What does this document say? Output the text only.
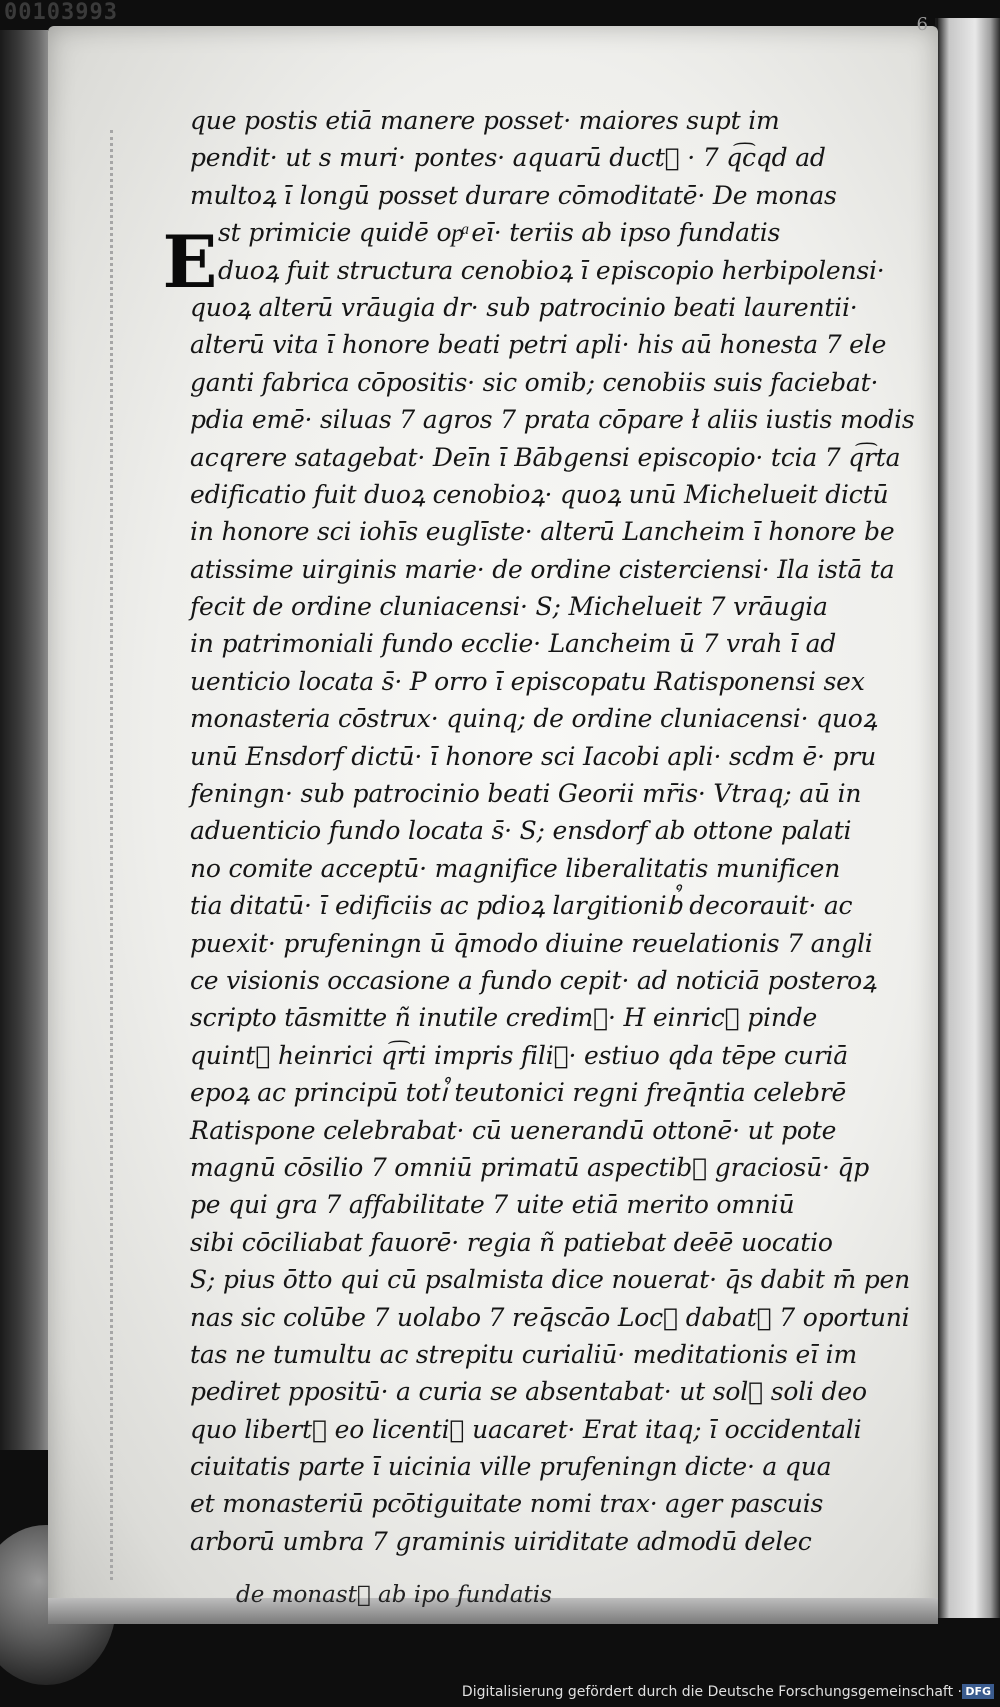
00103993	6
E
que postis etiā manere posset· maiores supt im
pendit· ut s muri· pontes· aquarū duct᷑ · 7 q͡cqd ad
multoꝝ ī longū posset durare cōmoditatē· De monas
st primicie quidē opͣ eī· teriis ab ipso fundatis
duoꝝ fuit structura cenobioꝝ ī episcopio herbipolensi·
quoꝝ alterū vrāugia dr· sub patrocinio beati laurentii·
alterū vita ī honore beati petri apli· his aū honesta 7 ele
ganti fabrica cōpositis· sic omib; cenobiis suis faciebat·
pdia emē· siluas 7 agros 7 prata cōpare ł aliis iustis modis
acqrere satagebat· Deīn ī Bābgensi episcopio· tcia 7 q͡rta
edificatio fuit duoꝝ cenobioꝝ· quoꝝ unū Michelueit dictū
in honore sci iohīs euglīste· alterū Lancheim ī honore be
atissime uirginis marie· de ordine cisterciensi· Ila istā ta
fecit de ordine cluniacensi· S; Michelueit 7 vrāugia
in patrimoniali fundo ecclie· Lancheim ū 7 vrah ī ad
uenticio locata s̄· P orro ī episcopatu Ratisponensi sex
monasteria cōstrux· quinq; de ordine cluniacensi· quoꝝ
unū Ensdorf dictū· ī honore sci Iacobi apli· scdm ē· pru
feningn· sub patrocinio beati Georii mr̄is· Vtraq; aū in
aduenticio fundo locata s̄· S; ensdorf ab ottone palati
no comite acceptū· magnifice liberalitatis munificen
tia ditatū· ī edificiis ac pdioꝝ largitionib᷒ decorauit· ac
puexit· prufeningn ū q̄modo diuine reuelationis 7 angli
ce visionis occasione a fundo cepit· ad noticiā posteroꝝ
scripto tāsmitte ñ inutile credim᷒· H einric᷒ pinde
quint᷒ heinrici q͡rti impris fili᷒· estiuo qda tēpe curiā
epoꝝ ac principū toti᷒ teutonici regni freq̄ntia celebrē
Ratispone celebrabat· cū uenerandū ottonē· ut pote
magnū cōsilio 7 omniū primatū aspectib᷒ graciosū· q̄p
pe qui gra 7 affabilitate 7 uite etiā merito omniū
sibi cōciliabat fauorē· regia ñ patiebat deēē uocatio
S; pius ōtto qui cū psalmista dice nouerat· q̄s dabit m̄ pen
nas sic colūbe 7 uolabo 7 req̄scāo Loc᷒ dabat᷒ 7 oportuni
tas ne tumultu ac strepitu curialiū· meditationis eī im
pediret ppositū· a curia se absentabat· ut sol᷒ soli deo
quo libert᷒ eo licenti᷒ uacaret· Erat itaq; ī occidentali
ciuitatis parte ī uicinia ville prufeningn dicte· a qua
et monasteriū pcōtiguitate nomi trax· ager pascuis
arborū umbra 7 graminis uiriditate admodū delec
de monast᷑ ab ipo fundatis
Digitalisierung gefördert durch die Deutsche Forschungsgemeinschaft · DFG
